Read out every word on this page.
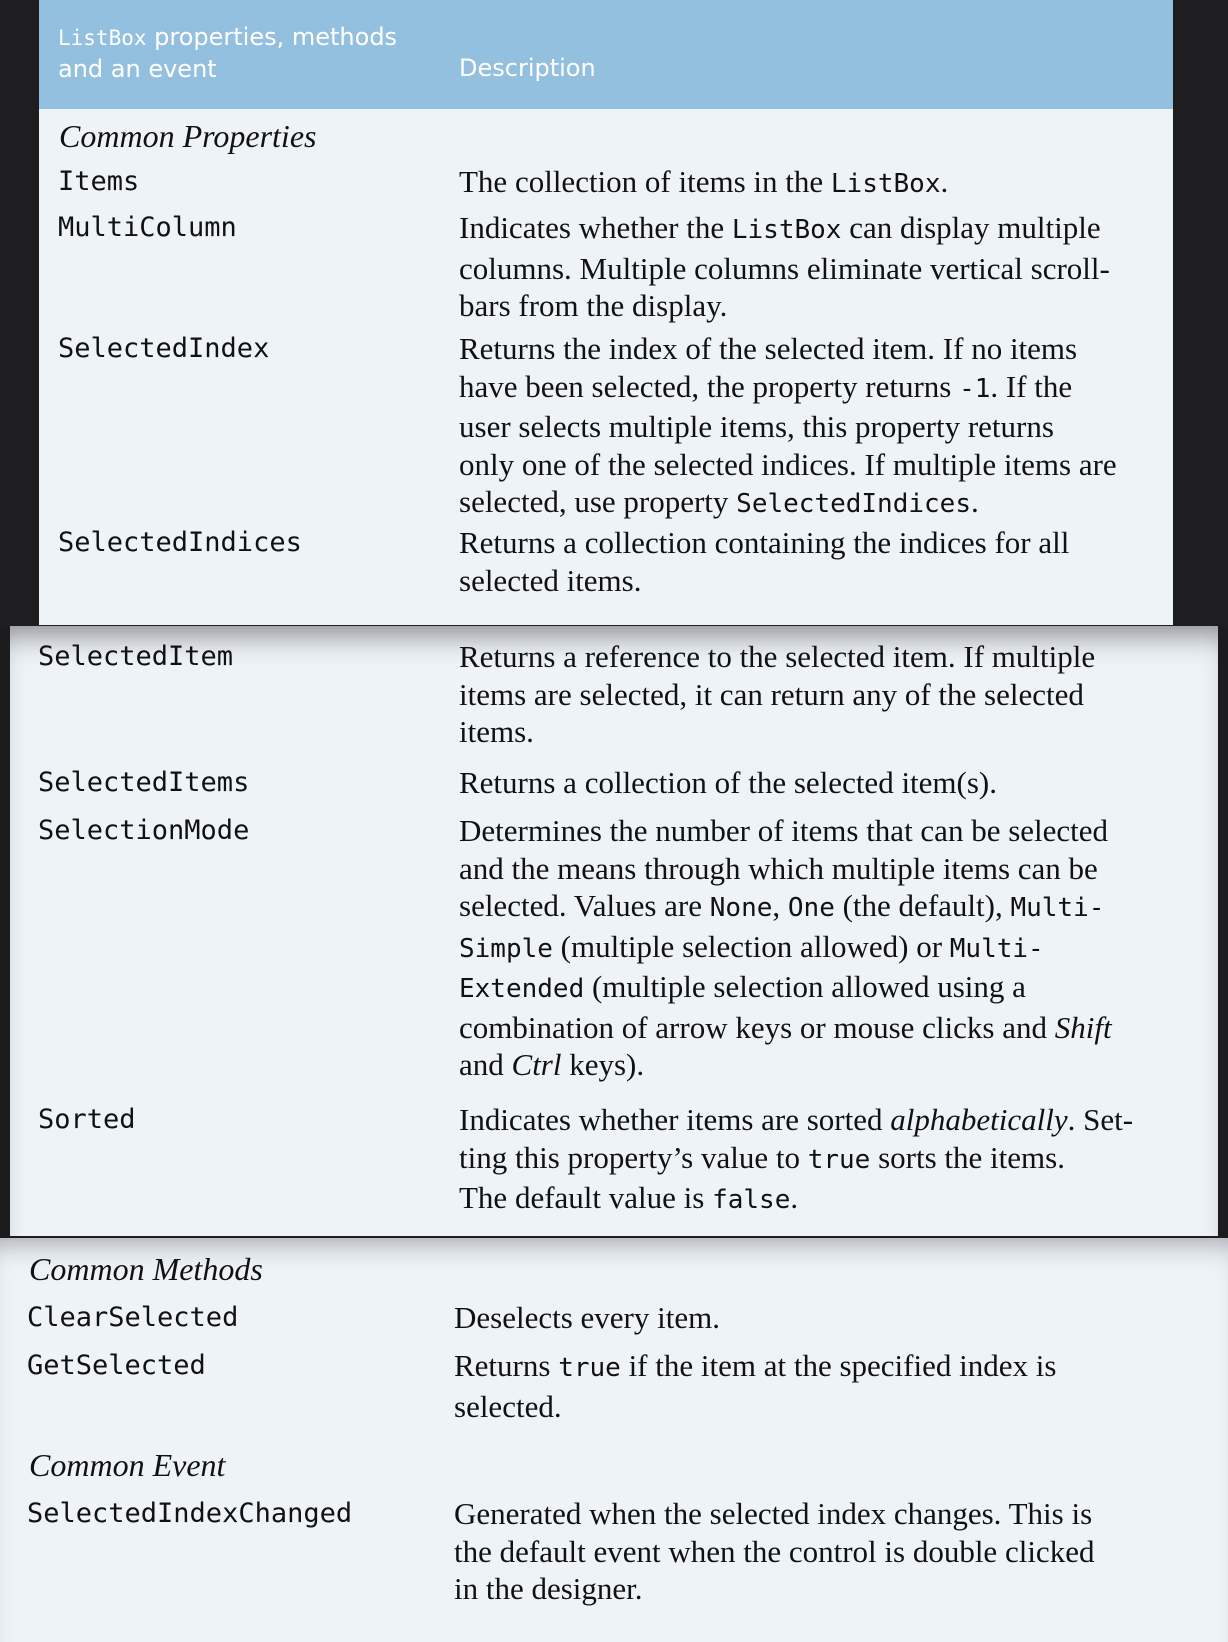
ListBox properties, methods
and an event	Description
Common Properties
Items	The collection of items in the ListBox.
MultiColumn	Indicates whether the ListBox can display multiple
columns. Multiple columns eliminate vertical scroll-
bars from the display.
SelectedIndex	Returns the index of the selected item. If no items
have been selected, the property returns -1. If the
user selects multiple items, this property returns
only one of the selected indices. If multiple items are
selected, use property SelectedIndices.
SelectedIndices	Returns a collection containing the indices for all
selected items.
SelectedItem	Returns a reference to the selected item. If multiple
items are selected, it can return any of the selected
items.
SelectedItems	Returns a collection of the selected item(s).
SelectionMode	Determines the number of items that can be selected
and the means through which multiple items can be
selected. Values are None, One (the default), Multi-
Simple (multiple selection allowed) or Multi-
Extended (multiple selection allowed using a
combination of arrow keys or mouse clicks and Shift
and Ctrl keys).
Sorted	Indicates whether items are sorted alphabetically. Set-
ting this property’s value to true sorts the items.
The default value is false.
Common Methods
ClearSelected	Deselects every item.
GetSelected	Returns true if the item at the specified index is
selected.
Common Event
SelectedIndexChanged	Generated when the selected index changes. This is
the default event when the control is double clicked
in the designer.
